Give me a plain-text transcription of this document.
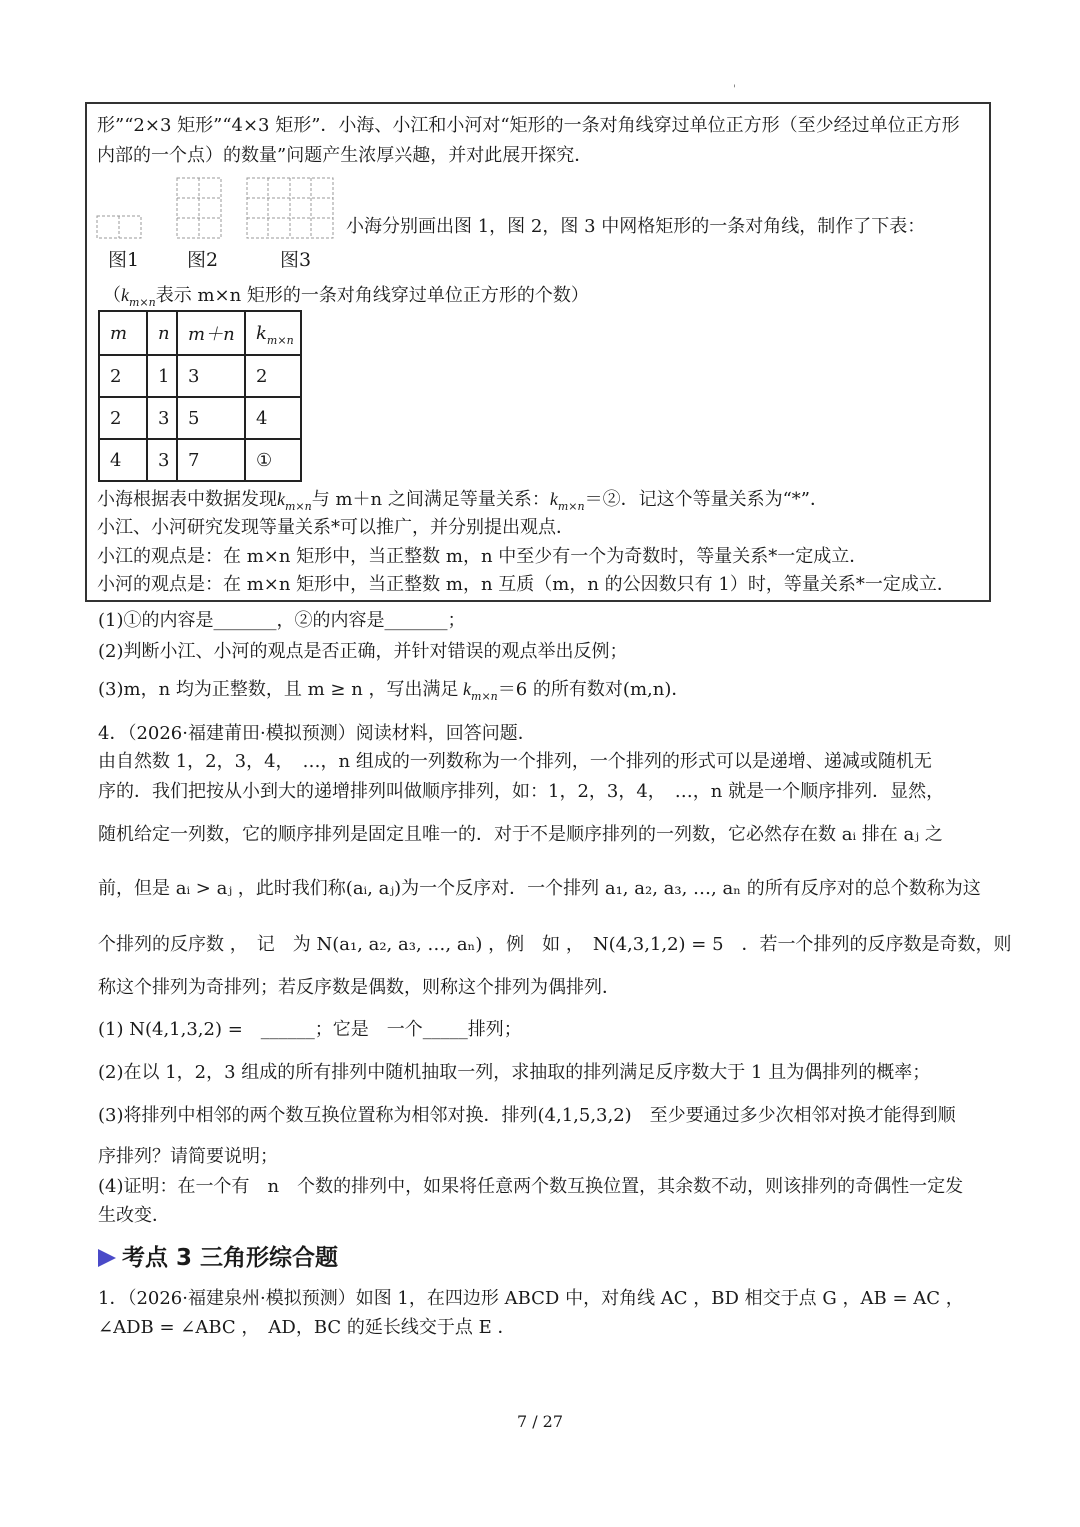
'
形”“2×3 矩形”“4×3 矩形”．小海、小江和小河对“矩形的一条对角线穿过单位正方形（至少经过单位正方形
内部的一个点）的数量”问题产生浓厚兴趣，并对此展开探究．
图1	图2	图3
小海分别画出图 1，图 2，图 3 中网格矩形的一条对角线，制作了下表：
（$k_{m\times n}$表示 m×n 矩形的一条对角线穿过单位正方形的个数）
m	n	m＋n	$k_{m\times n}$
2	1	3	2
2	3	5	4
4	3	7	①
小海根据表中数据发现$k_{m\times n}$与 m＋n 之间满足等量关系：$k_{m\times n}=②$．记这个等量关系为“*”．
小江、小河研究发现等量关系*可以推广，并分别提出观点．
小江的观点是：在 m×n 矩形中，当正整数 m，n 中至少有一个为奇数时，等量关系*一定成立．
小河的观点是：在 m×n 矩形中，当正整数 m，n 互质（m，n 的公因数只有 1）时，等量关系*一定成立．
(1)①的内容是_______，②的内容是_______；
(2)判断小江、小河的观点是否正确，并针对错误的观点举出反例；
(3)m，n 均为正整数，且 m ≥ n ，写出满足 $k_{m\times n}=6$ 的所有数对(m,n)．
4．（2026·福建莆田·模拟预测）阅读材料，回答问题．
由自然数 1，2，3，4，　…，n 组成的一列数称为一个排列，一个排列的形式可以是递增、递减或随机无
序的．我们把按从小到大的递增排列叫做顺序排列，如：1，2，3，4，　…，n 就是一个顺序排列．显然，
随机给定一列数，它的顺序排列是固定且唯一的．对于不是顺序排列的一列数，它必然存在数 aᵢ 排在 aⱼ 之
前，但是 aᵢ > aⱼ ，此时我们称(aᵢ, aⱼ)为一个反序对．一个排列 a₁, a₂, a₃, …, aₙ 的所有反序对的总个数称为这
个排列的反序数 ，　记　为 N(a₁, a₂, a₃, …, aₙ) ，例　如 ，　N(4,3,1,2) = 5　．若一个排列的反序数是奇数，则
称这个排列为奇排列；若反序数是偶数，则称这个排列为偶排列．
(1) N(4,1,3,2) =　______；它是　一个_____排列；
(2)在以 1，2，3 组成的所有排列中随机抽取一列，求抽取的排列满足反序数大于 1 且为偶排列的概率；
(3)将排列中相邻的两个数互换位置称为相邻对换．排列(4,1,5,3,2)　至少要通过多少次相邻对换才能得到顺
序排列？请简要说明；
(4)证明：在一个有　n　个数的排列中，如果将任意两个数互换位置，其余数不动，则该排列的奇偶性一定发
生改变．
考点 3 三角形综合题
1．（2026·福建泉州·模拟预测）如图 1，在四边形 ABCD 中，对角线 AC ，BD 相交于点 G ，AB = AC ，
∠ADB = ∠ABC ，　AD，BC 的延长线交于点 E ．
7 / 27
